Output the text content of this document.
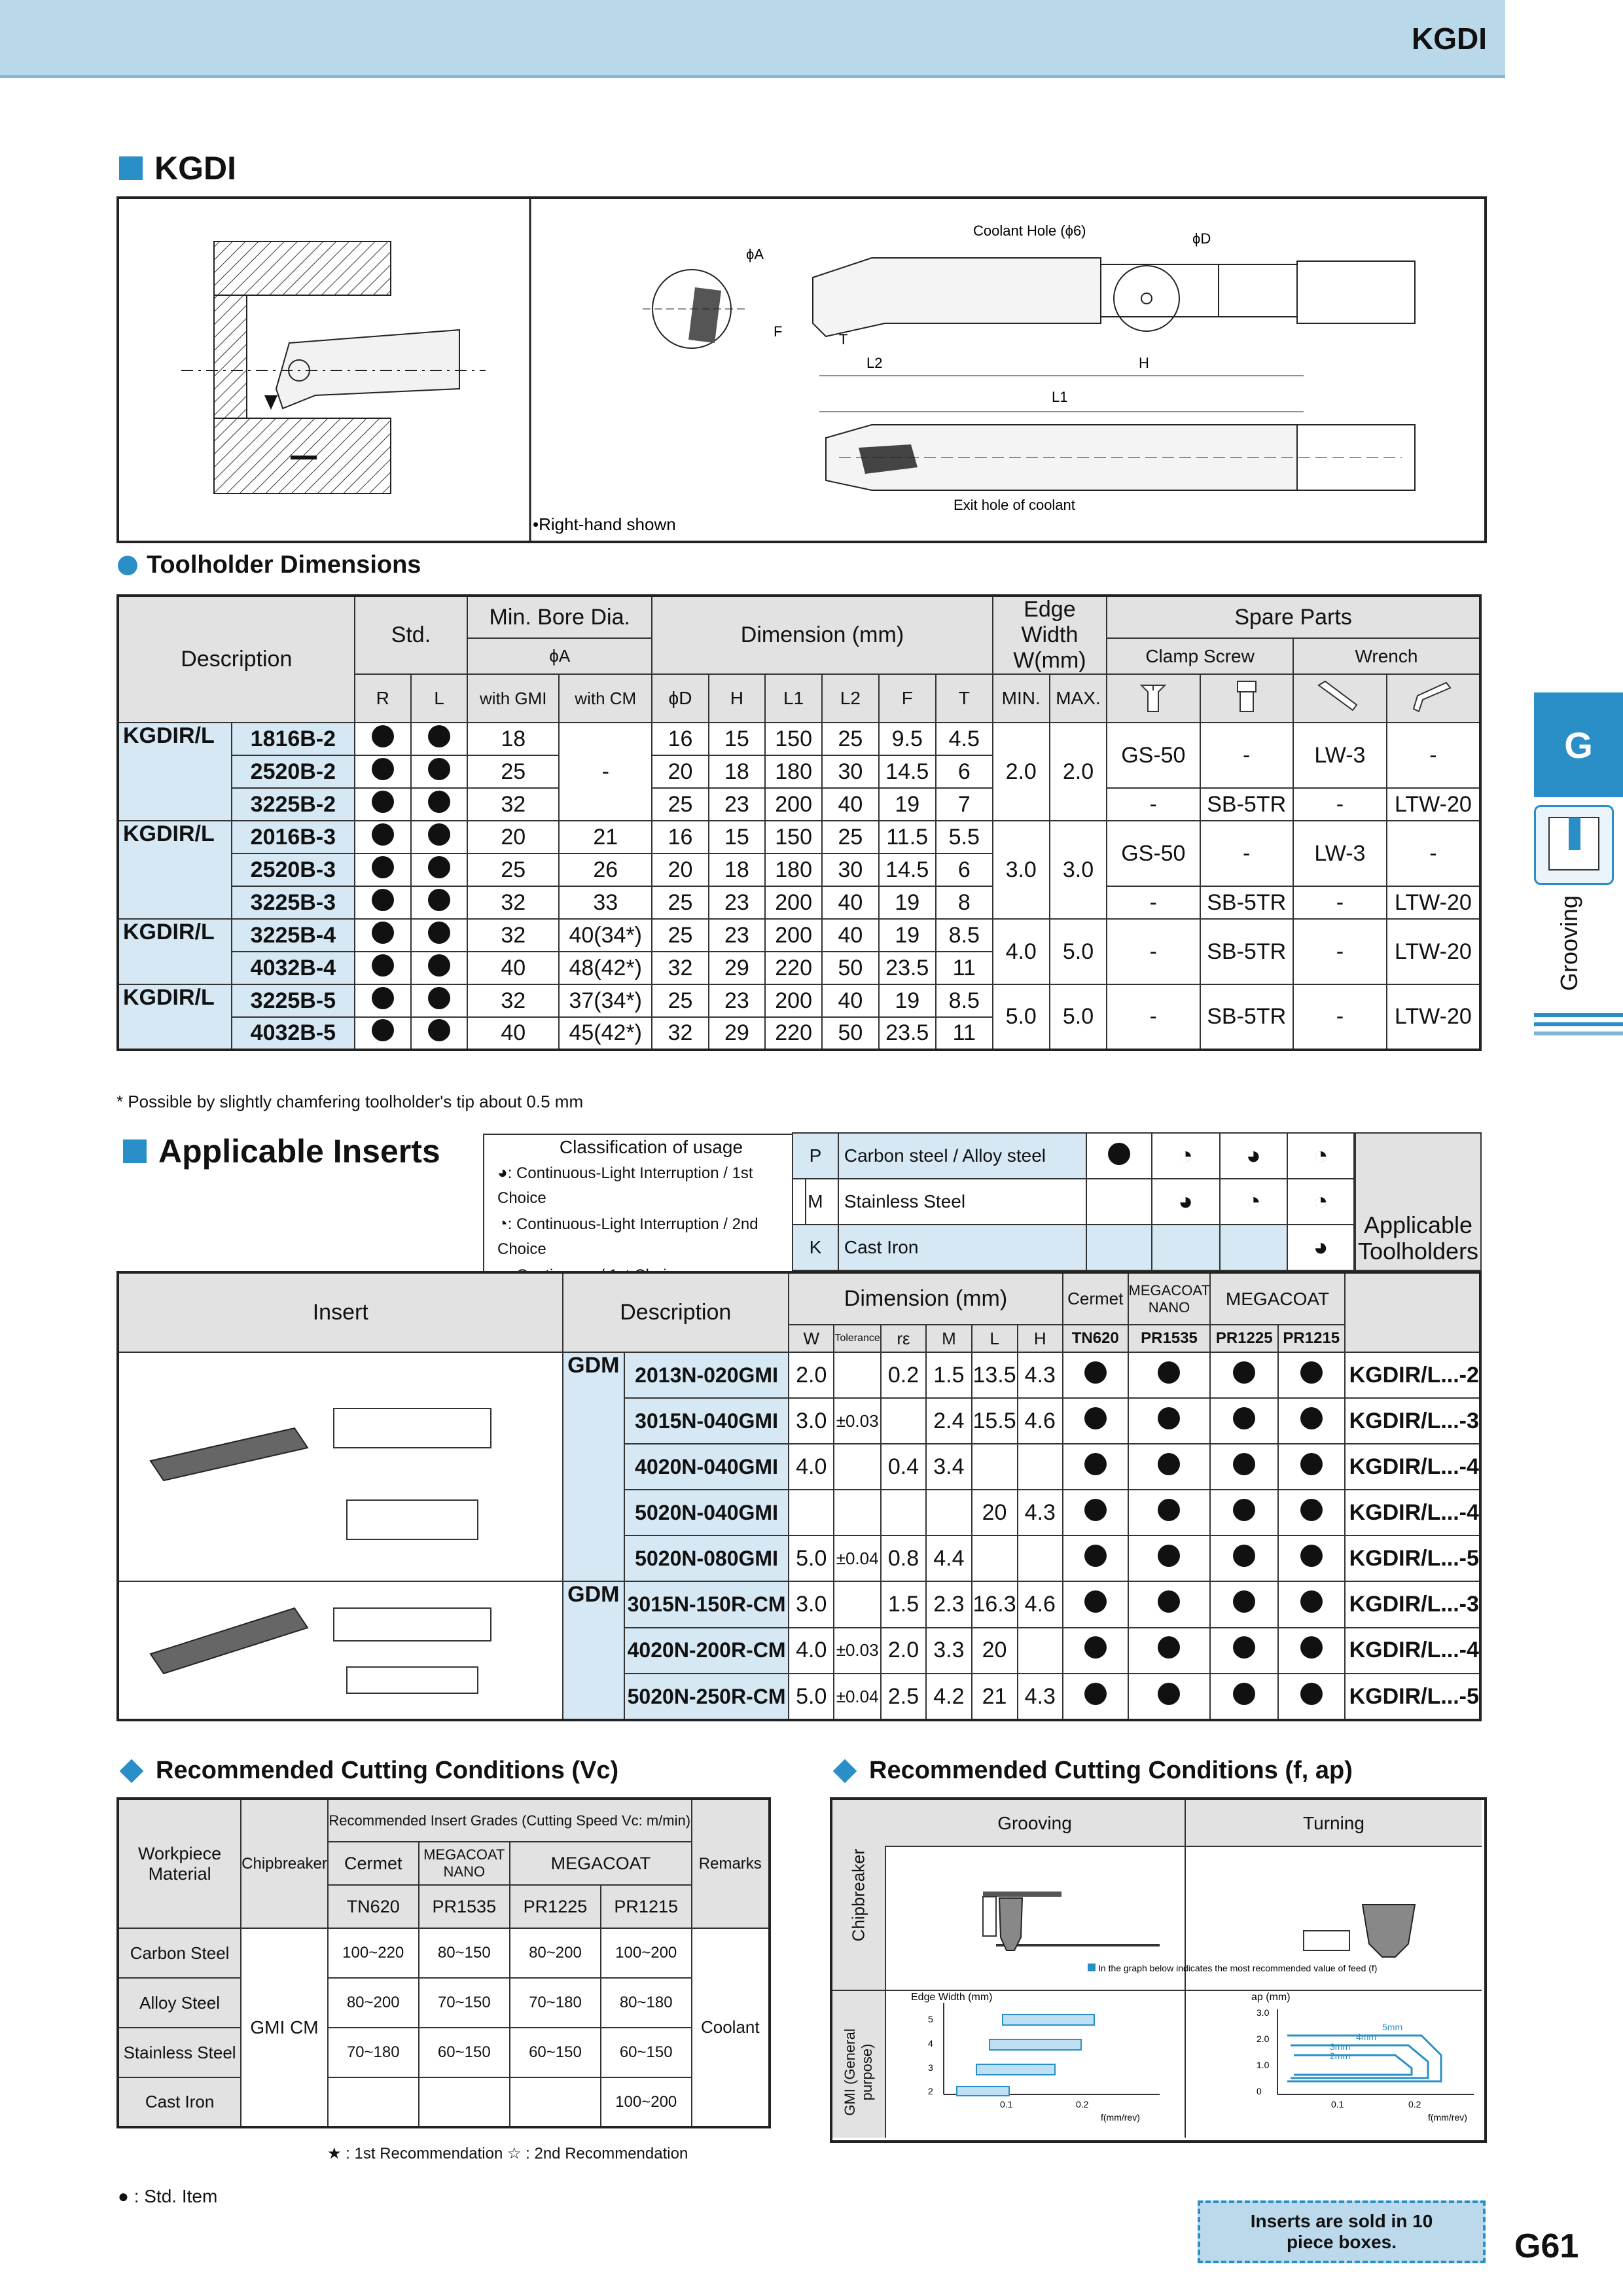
KGDI
KGDI
•Right-hand shown
Coolant Hole (ϕ6)
Exit hole of coolant
ϕA
ϕD
F	T
L2
L1
H
Toolholder Dimensions
Description		Std.		Min. Bore Dia.		Dimension (mm)						Edge Width W(mm)		Spare Parts			
				ϕA										Clamp Screw		Wrench	
		R	L	with GMI	with CM	ϕD	H	L1	L2	F	T	MIN.	MAX.				
KGDIR/L	1816B-2			18	-	16	15	150	25	9.5	4.5	2.0	2.0	GS-50	-	LW-3	-
	2520B-2			25		20	18	180	30	14.5	6						
	3225B-2			32		25	23	200	40	19	7			-	SB-5TR	-	LTW-20
KGDIR/L	2016B-3			20	21	16	15	150	25	11.5	5.5	3.0	3.0	GS-50	-	LW-3	-
	2520B-3			25	26	20	18	180	30	14.5	6						
	3225B-3			32	33	25	23	200	40	19	8			-	SB-5TR	-	LTW-20
KGDIR/L	3225B-4			32	40(34*)	25	23	200	40	19	8.5	4.0	5.0	-	SB-5TR	-	LTW-20
	4032B-4			40	48(42*)	32	29	220	50	23.5	11						
KGDIR/L	3225B-5			32	37(34*)	25	23	200	40	19	8.5	5.0	5.0	-	SB-5TR	-	LTW-20
	4032B-5			40	45(42*)	32	29	220	50	23.5	11						
* Possible by slightly chamfering toolholder's tip about 0.5 mm
Applicable Inserts	Classification of usage
◕: Continuous-Light Interruption / 1st Choice
◔: Continuous-Light Interruption / 2nd Choice
●: Continuous / 1st Choice
○: Continuous / 2nd Choice
P	Carbon steel / Alloy steel		◔	◕	◔
M	Stainless Steel		◕	◔	◔
K	Cast Iron				◕
Applicable Toolholders
Insert	Description		Dimension (mm)						Cermet	MEGACOAT NANO	MEGACOAT		
			W	Tolerance	rε	M	L	H	TN620	PR1535	PR1225	PR1215	
	GDM	2013N-020GMI	2.0		0.2	1.5	13.5	4.3					KGDIR/L...-2
		3015N-040GMI	3.0	±0.03		2.4	15.5	4.6					KGDIR/L...-3
		4020N-040GMI	4.0		0.4	3.4							KGDIR/L...-4
		5020N-040GMI					20	4.3					KGDIR/L...-4
		5020N-080GMI	5.0	±0.04	0.8	4.4							KGDIR/L...-5
	GDM	3015N-150R-CM	3.0		1.5	2.3	16.3	4.6					KGDIR/L...-3
		4020N-200R-CM	4.0	±0.03	2.0	3.3	20						KGDIR/L...-4
		5020N-250R-CM	5.0	±0.04	2.5	4.2	21	4.3					KGDIR/L...-5
Recommended Cutting Conditions (Vc)
Workpiece Material	Chipbreaker	Recommended Insert Grades (Cutting Speed Vc: m/min)				Remarks
		Cermet	MEGACOAT NANO	MEGACOAT		
		TN620	PR1535	PR1225	PR1215	
Carbon Steel	GMI CM	100~220	80~150	80~200	100~200	Coolant
Alloy Steel		80~200	70~150	70~180	80~180	
Stainless Steel		70~180	60~150	60~150	60~150	
Cast Iron					100~200	
★ : 1st Recommendation ☆ : 2nd Recommendation
Recommended Cutting Conditions (f, ap)
Grooving	Turning
Chipbreaker
GMI (General purpose)
In the graph below indicates the most recommended value of feed (f)
Edge Width (mm)
5
4
3
2
0.1	0.2
f(mm/rev)
ap (mm)
3.0
2.0
1.0
0
5mm
4mm
3mm
2mm
0.1	0.2
f(mm/rev)
● : Std. Item
Inserts are sold in 10 piece boxes.	G61
G
Grooving
